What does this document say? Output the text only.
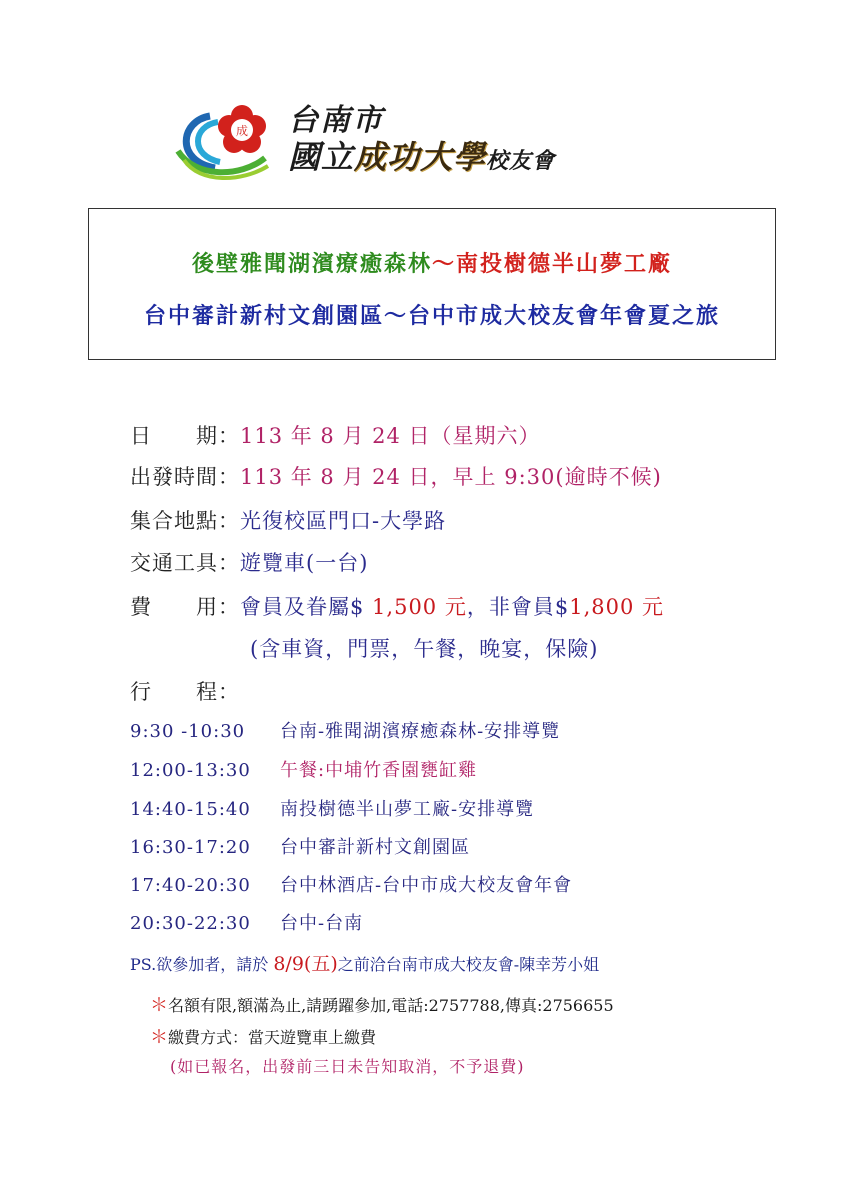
成 台南市
國立成功大學校友會
後壁雅聞湖濱療癒森林～南投樹德半山夢工廠
台中審計新村文創園區～台中市成大校友會年會夏之旅
日　　期：113 年 8 月 24 日（星期六）
出發時間：113 年 8 月 24 日，早上 9:30(逾時不候)
集合地點：光復校區門口-大學路
交通工具：遊覽車(一台)
費　　用：會員及眷屬$ 1,500 元，非會員$1,800 元
(含車資，門票，午餐，晚宴，保險)
行　　程：
9:30 -10:30 台南-雅聞湖濱療癒森林-安排導覽
12:00-13:30 午餐:中埔竹香園甕缸雞
14:40-15:40 南投樹德半山夢工廠-安排導覽
16:30-17:20 台中審計新村文創園區
17:40-20:30 台中林酒店-台中市成大校友會年會
20:30-22:30 台中-台南
PS.欲參加者，請於 8/9(五)之前洽台南市成大校友會-陳幸芳小姐
＊名額有限,額滿為止,請踴躍參加,電話:2757788,傳真:2756655
＊繳費方式：當天遊覽車上繳費
(如已報名，出發前三日未告知取消，不予退費)
